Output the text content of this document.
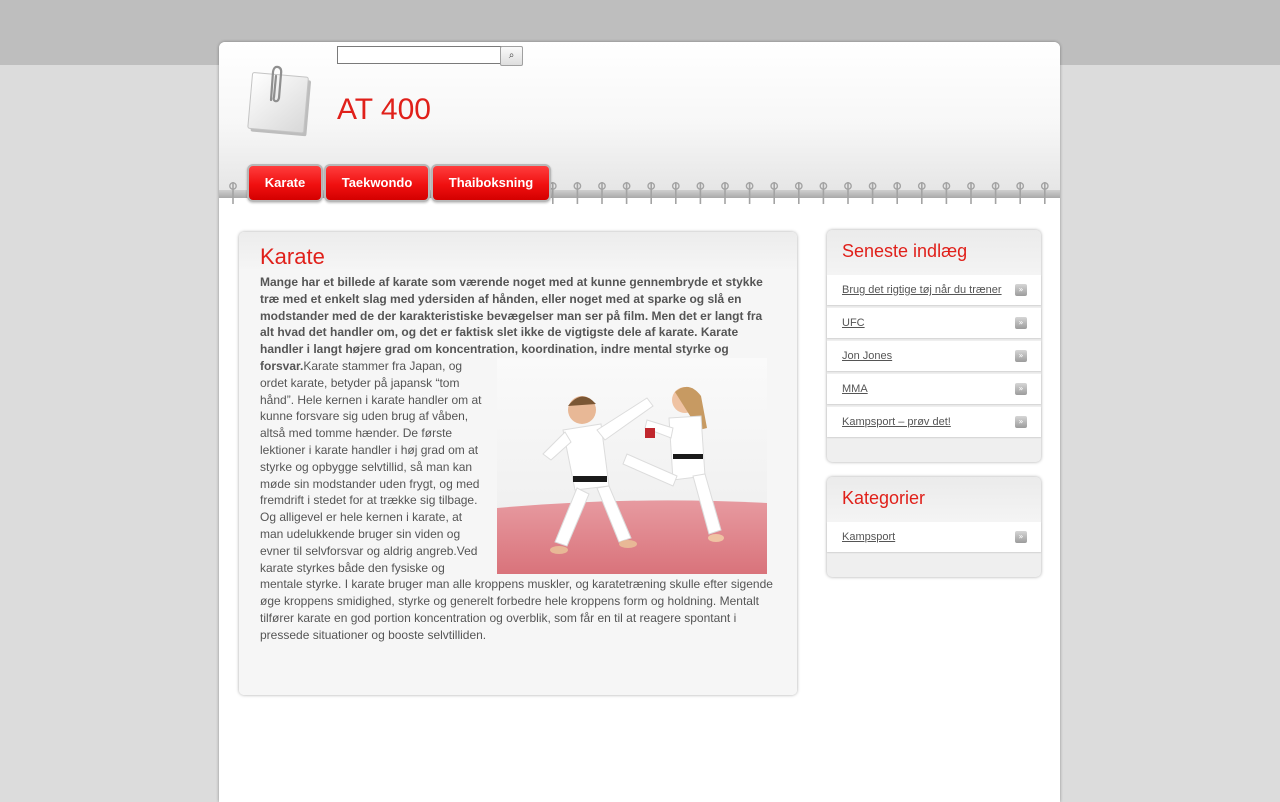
⌕
AT 400
Karate	Taekwondo	Thaiboksning
Karate

Mange har et billede af karate som værende noget med at kunne gennembryde et stykke træ med et enkelt slag med ydersiden af hånden, eller noget med at sparke og slå en modstander med de der karakteristiske bevægelser man ser på film. Men det er langt fra alt hvad det handler om, og det er faktisk slet ikke de vigtigste dele af karate. Karate handler i langt højere grad om koncentration, koordination, indre mental styrke og forsvar.
Karate stammer fra Japan, og ordet karate, betyder på japansk “tom hånd”. Hele kernen i karate handler om at kunne forsvare sig uden brug af våben, altså med tomme hænder. De første lektioner i karate handler i høj grad om at styrke og opbygge selvtillid, så man kan møde sin modstander uden frygt, og med fremdrift i stedet for at trække sig tilbage. Og alligevel er hele kernen i karate, at man udelukkende bruger sin viden og evner til selvforsvar og aldrig angreb.Ved karate styrkes både den fysiske og mentale styrke. I karate bruger man alle kroppens muskler, og karatetræning skulle efter sigende øge kroppens smidighed, styrke og generelt forbedre hele kroppens form og holdning. Mentalt tilfører karate en god portion koncentration og overblik, som får en til at reagere spontant i pressede situationer og booste selvtilliden.

Seneste indlæg
Brug det rigtige tøj når du træner	»
UFC	»
Jon Jones	»
MMA	»
Kampsport – prøv det!	»
Kategorier
Kampsport	»
